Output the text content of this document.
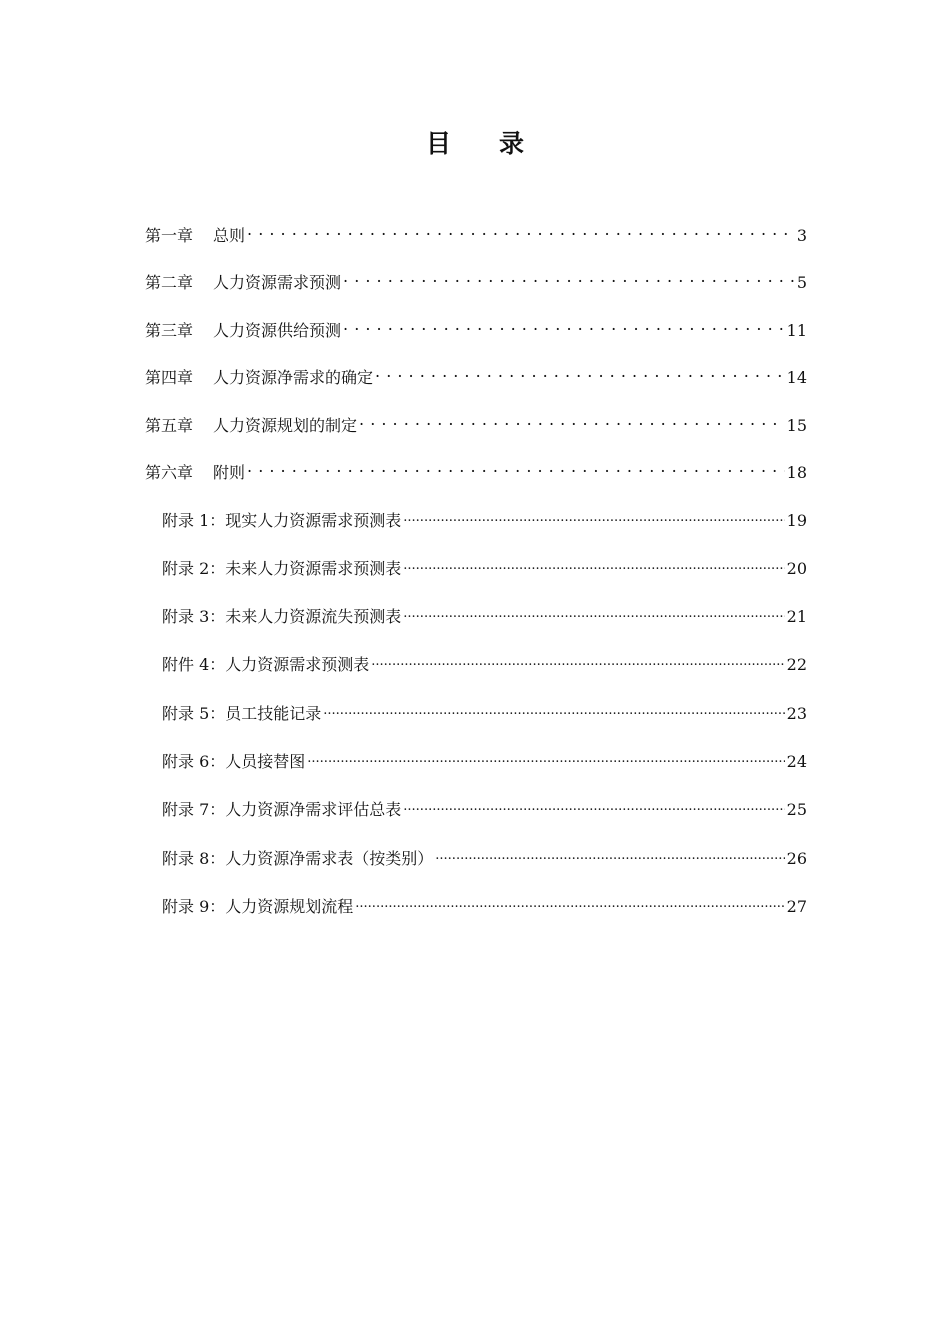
目 录
第一章 总则 . . .	3
第二章 人力资源需求预测 . . .	5
第三章 人力资源供给预测 . . .	11
第四章 人力资源净需求的确定 . . .	14
第五章 人力资源规划的制定 . . .	15
第六章 附则 . . .	18
附录 1：现实人力资源需求预测表 .....	19
附录 2：未来人力资源需求预测表 .....	20
附录 3：未来人力资源流失预测表 .....	21
附件 4：人力资源需求预测表 .....	22
附录 5：员工技能记录 .....	23
附录 6：人员接替图 .....	24
附录 7：人力资源净需求评估总表 .....	25
附录 8：人力资源净需求表（按类别） .....	26
附录 9：人力资源规划流程 .....	27
